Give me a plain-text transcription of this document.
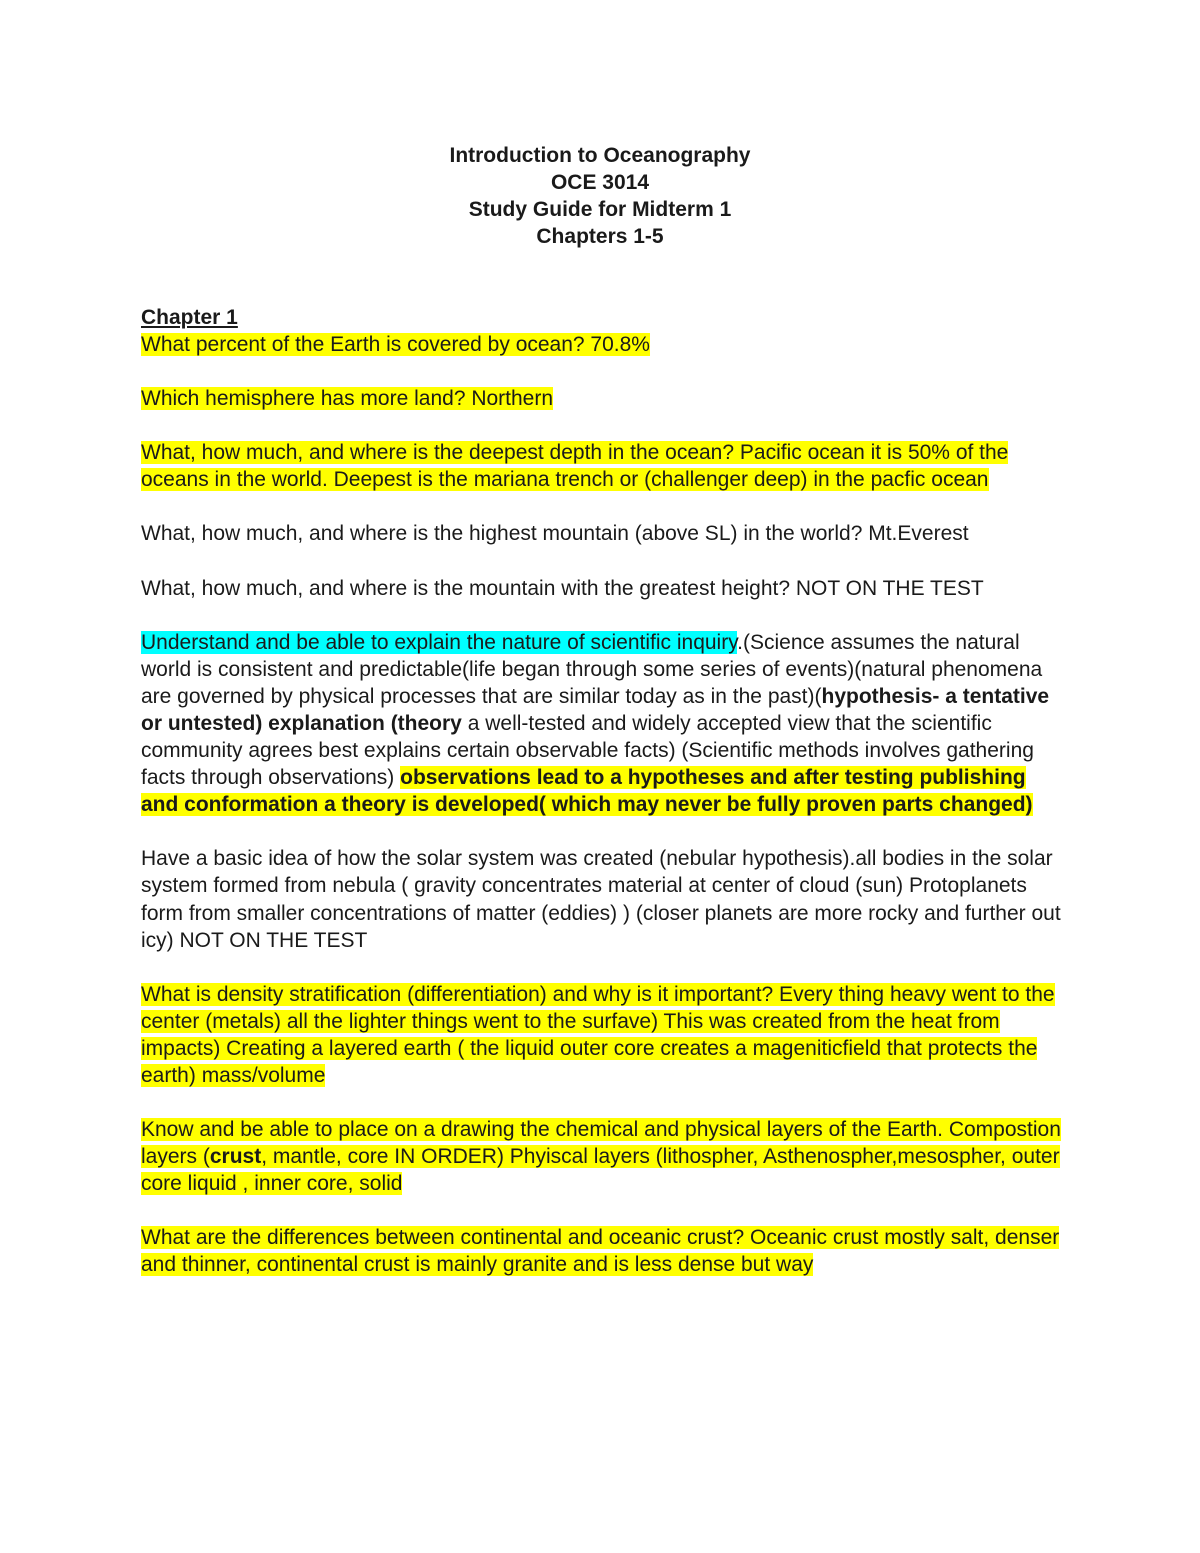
Introduction to Oceanography
OCE 3014
Study Guide for Midterm 1
Chapters 1-5
Chapter 1

What percent of the Earth is covered by ocean? 70.8%

Which hemisphere has more land? Northern

What, how much, and where is the deepest depth in the ocean? Pacific ocean it is 50% of the oceans in the world. Deepest is the mariana trench or (challenger deep) in the pacfic ocean

What, how much, and where is the highest mountain (above SL) in the world? Mt.Everest

What, how much, and where is the mountain with the greatest height? NOT ON THE TEST

Understand and be able to explain the nature of scientific inquiry.(Science assumes the natural world is consistent and predictable(life began through some series of events)(natural phenomena are governed by physical processes that are similar today as in the past)(hypothesis- a tentative or untested) explanation (theory a well-tested and widely accepted view that the scientific community agrees best explains certain observable facts) (Scientific methods involves gathering facts through observations) observations lead to a hypotheses and after testing publishing and conformation a theory is developed( which may never be fully proven parts changed)

Have a basic idea of how the solar system was created (nebular hypothesis).all bodies in the solar system formed from nebula ( gravity concentrates material at center of cloud (sun) Protoplanets form from smaller concentrations of matter (eddies) ) (closer planets are more rocky and further out icy) NOT ON THE TEST

What is density stratification (differentiation) and why is it important? Every thing heavy went to the center (metals) all the lighter things went to the surfave) This was created from the heat from impacts) Creating a layered earth ( the liquid outer core creates a mageniticfield that protects the earth) mass/volume

Know and be able to place on a drawing the chemical and physical layers of the Earth. Compostion layers (crust, mantle, core IN ORDER) Phyiscal layers (lithospher, Asthenospher,mesospher, outer core liquid , inner core, solid

What are the differences between continental and oceanic crust? Oceanic crust mostly salt, denser and thinner, continental crust is mainly granite and is less dense but way
